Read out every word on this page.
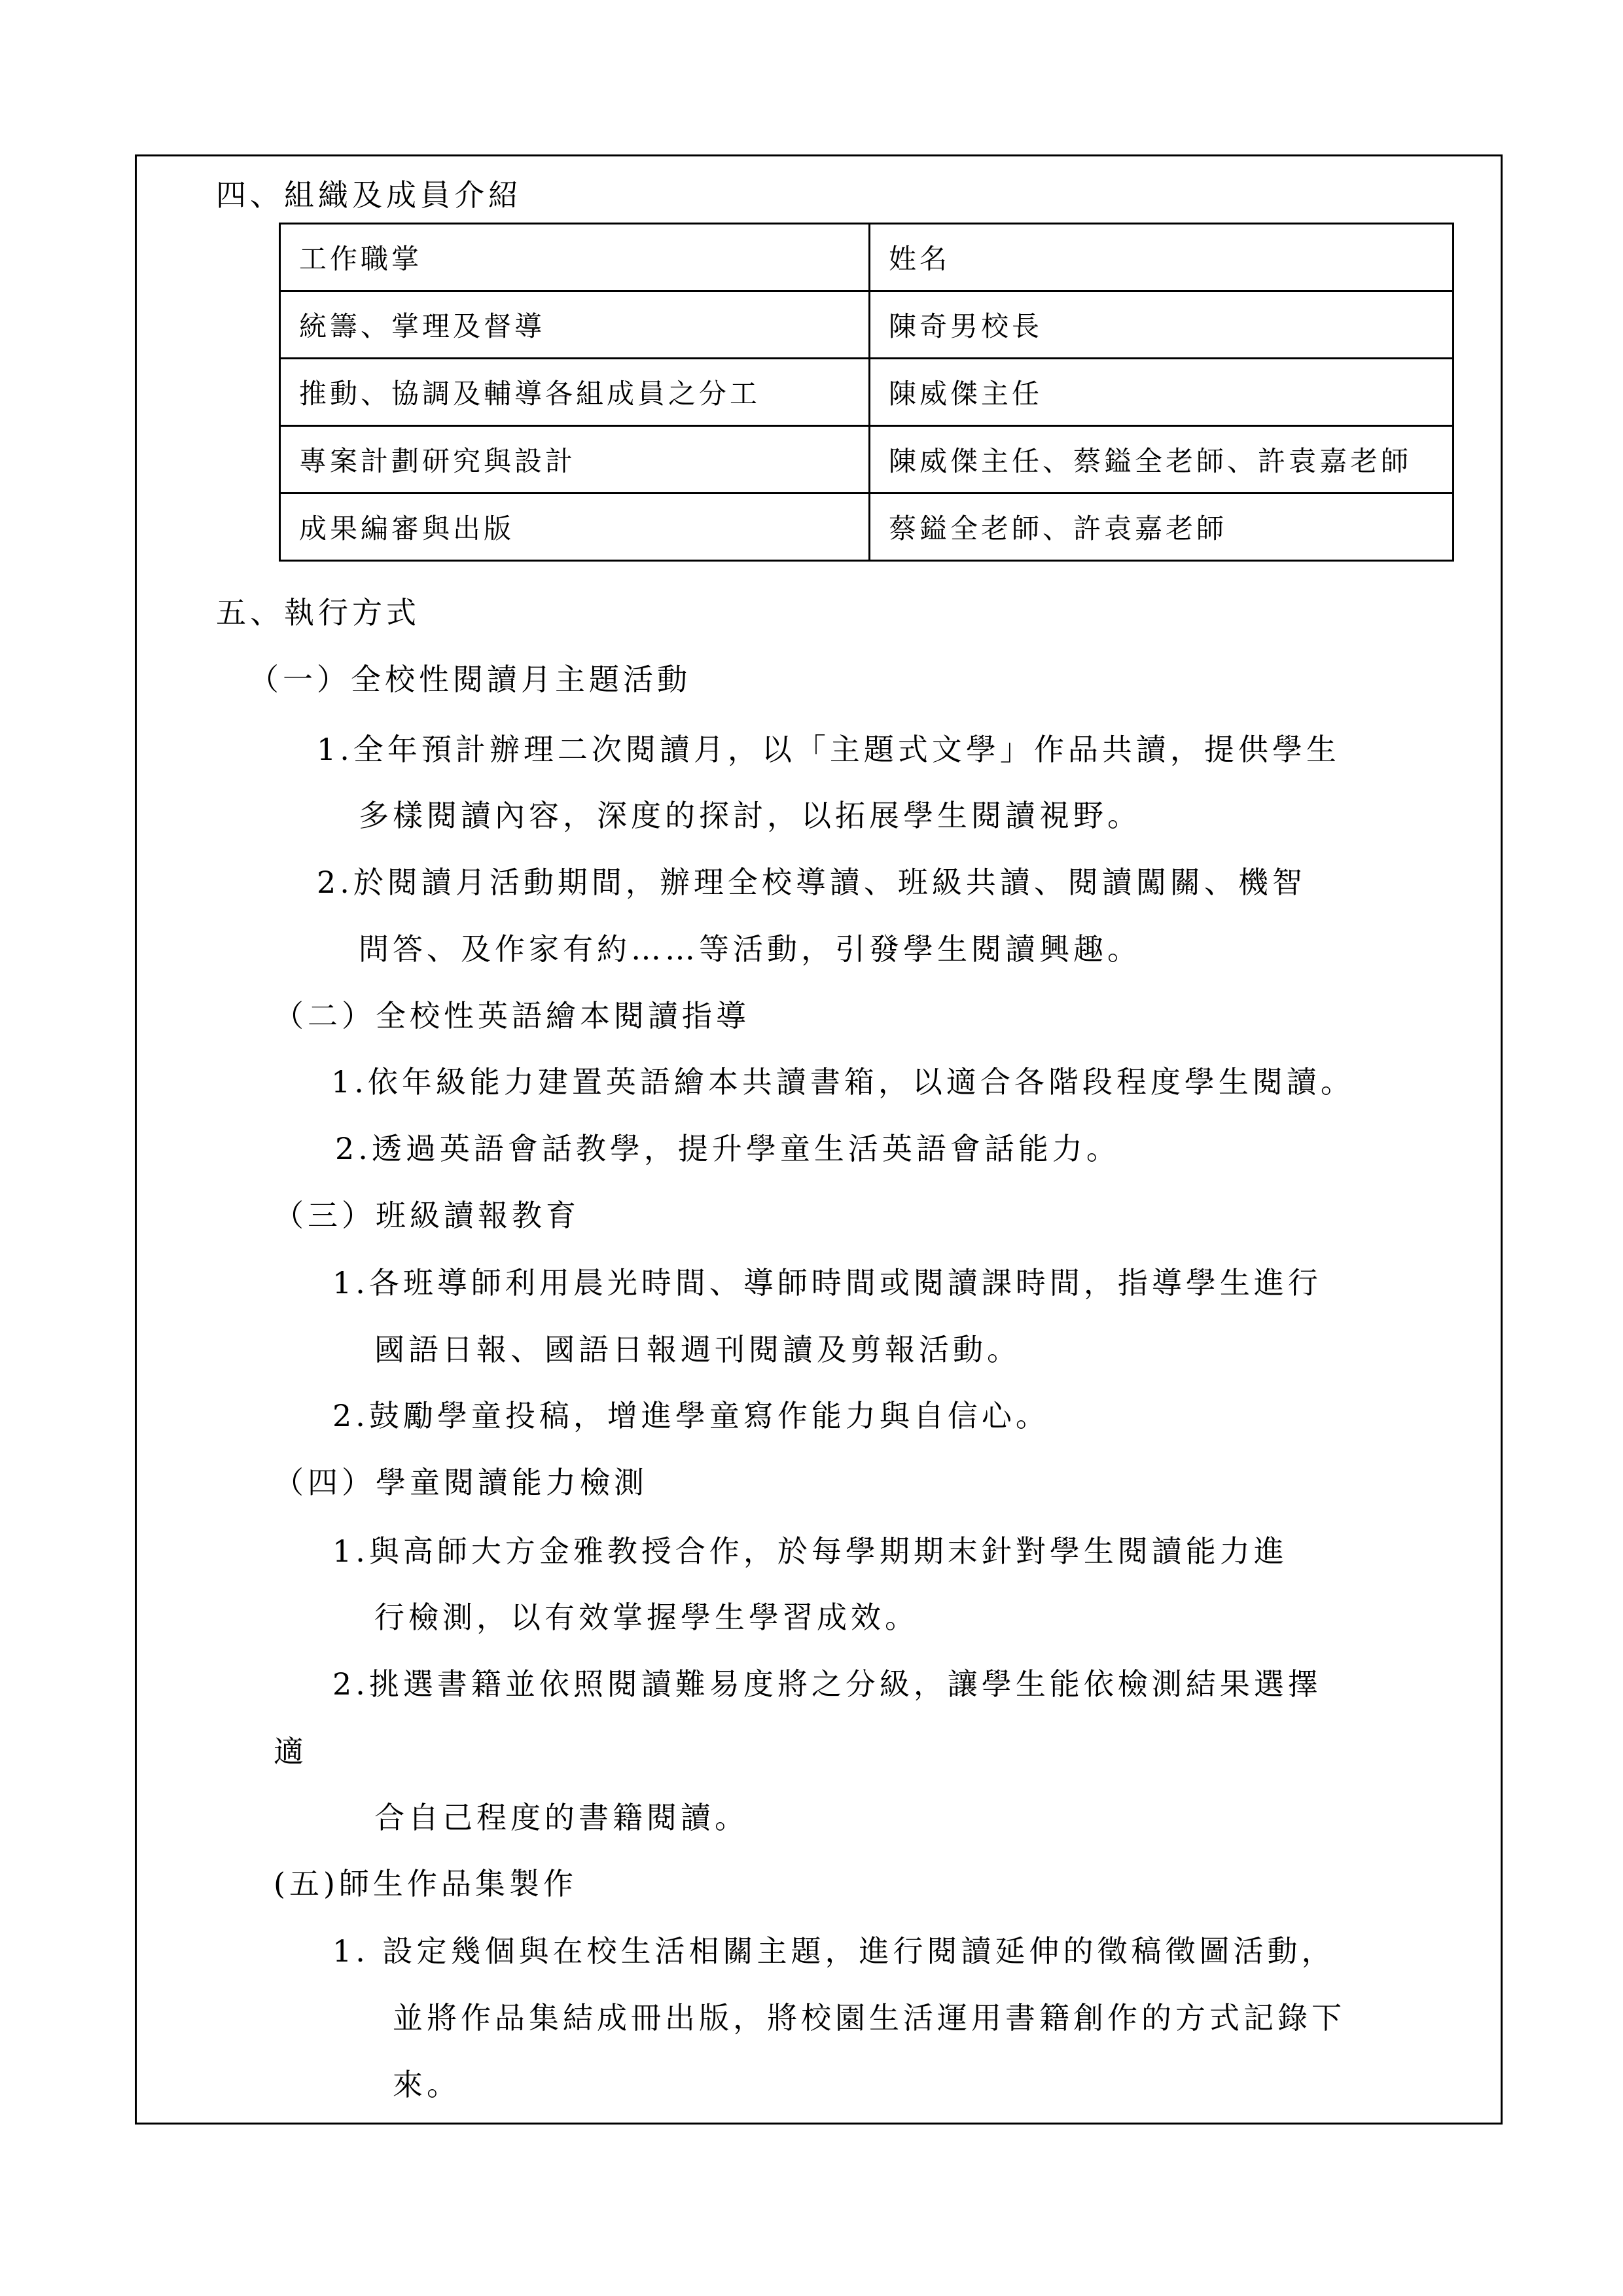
四、組織及成員介紹
工作職掌	姓名
統籌、掌理及督導	陳奇男校長
推動、協調及輔導各組成員之分工	陳威傑主任
專案計劃研究與設計	陳威傑主任、蔡鎰全老師、許袁嘉老師
成果編審與出版	蔡鎰全老師、許袁嘉老師
五、執行方式
（一）全校性閱讀月主題活動
1.全年預計辦理二次閱讀月，以「主題式文學」作品共讀，提供學生
多樣閱讀內容，深度的探討，以拓展學生閱讀視野。
2.於閱讀月活動期間，辦理全校導讀、班級共讀、閱讀闖關、機智
問答、及作家有約……等活動，引發學生閱讀興趣。
（二）全校性英語繪本閱讀指導
1.依年級能力建置英語繪本共讀書箱，以適合各階段程度學生閱讀。
2.透過英語會話教學，提升學童生活英語會話能力。
（三）班級讀報教育
1.各班導師利用晨光時間、導師時間或閱讀課時間，指導學生進行
國語日報、國語日報週刊閱讀及剪報活動。
2.鼓勵學童投稿，增進學童寫作能力與自信心。
（四）學童閱讀能力檢測
1.與高師大方金雅教授合作，於每學期期末針對學生閱讀能力進
行檢測，以有效掌握學生學習成效。
2.挑選書籍並依照閱讀難易度將之分級，讓學生能依檢測結果選擇
適
合自己程度的書籍閱讀。
(五)師生作品集製作
1. 設定幾個與在校生活相關主題，進行閱讀延伸的徵稿徵圖活動，
並將作品集結成冊出版，將校園生活運用書籍創作的方式記錄下
來。
